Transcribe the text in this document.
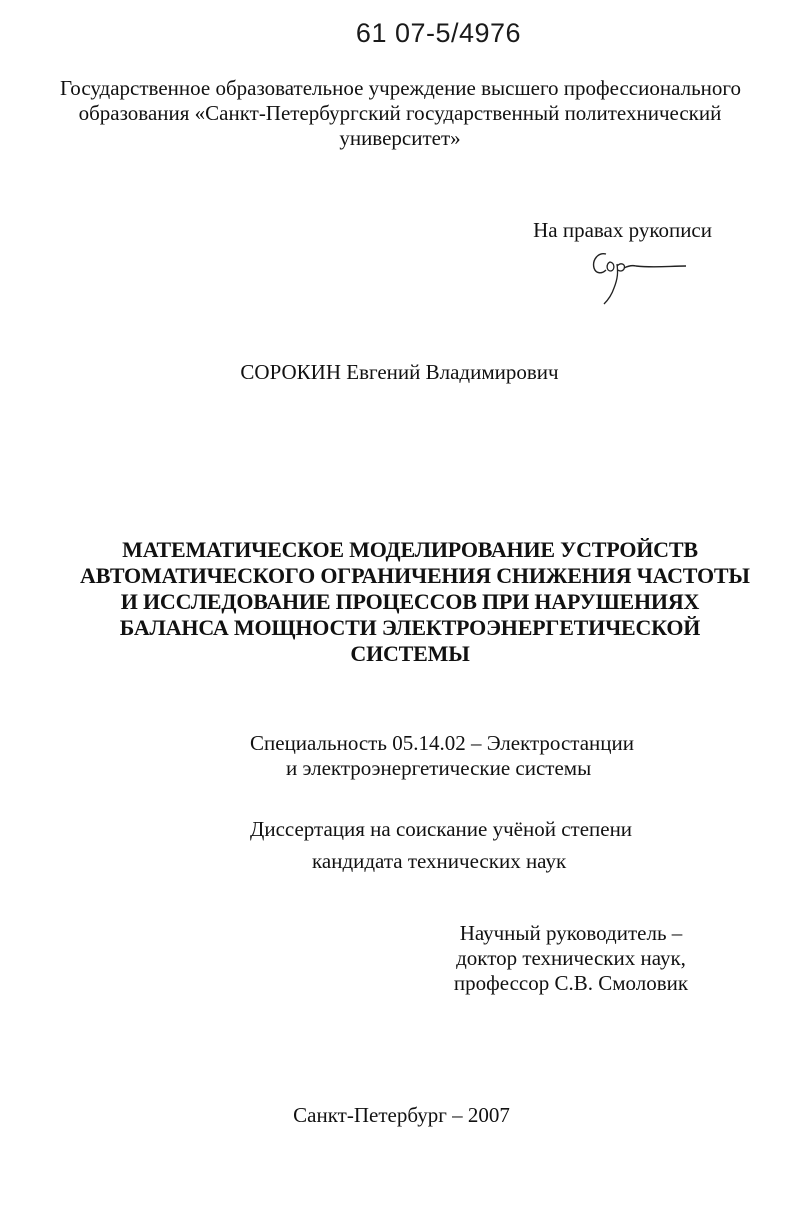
61 07-5/4976
Государственное образовательное учреждение высшего профессионального
образования «Санкт-Петербургский государственный политехнический
университет»
На правах рукописи
СОРОКИН Евгений Владимирович
МАТЕМАТИЧЕСКОЕ МОДЕЛИРОВАНИЕ УСТРОЙСТВ
АВТОМАТИЧЕСКОГО ОГРАНИЧЕНИЯ СНИЖЕНИЯ ЧАСТОТЫ
И ИССЛЕДОВАНИЕ ПРОЦЕССОВ ПРИ НАРУШЕНИЯХ
БАЛАНСА МОЩНОСТИ ЭЛЕКТРОЭНЕРГЕТИЧЕСКОЙ
СИСТЕМЫ
Специальность 05.14.02 – Электростанции
и электроэнергетические системы
Диссертация на соискание учёной степени
кандидата технических наук
Научный руководитель –
доктор технических наук,
профессор С.В. Смоловик
Санкт-Петербург – 2007
